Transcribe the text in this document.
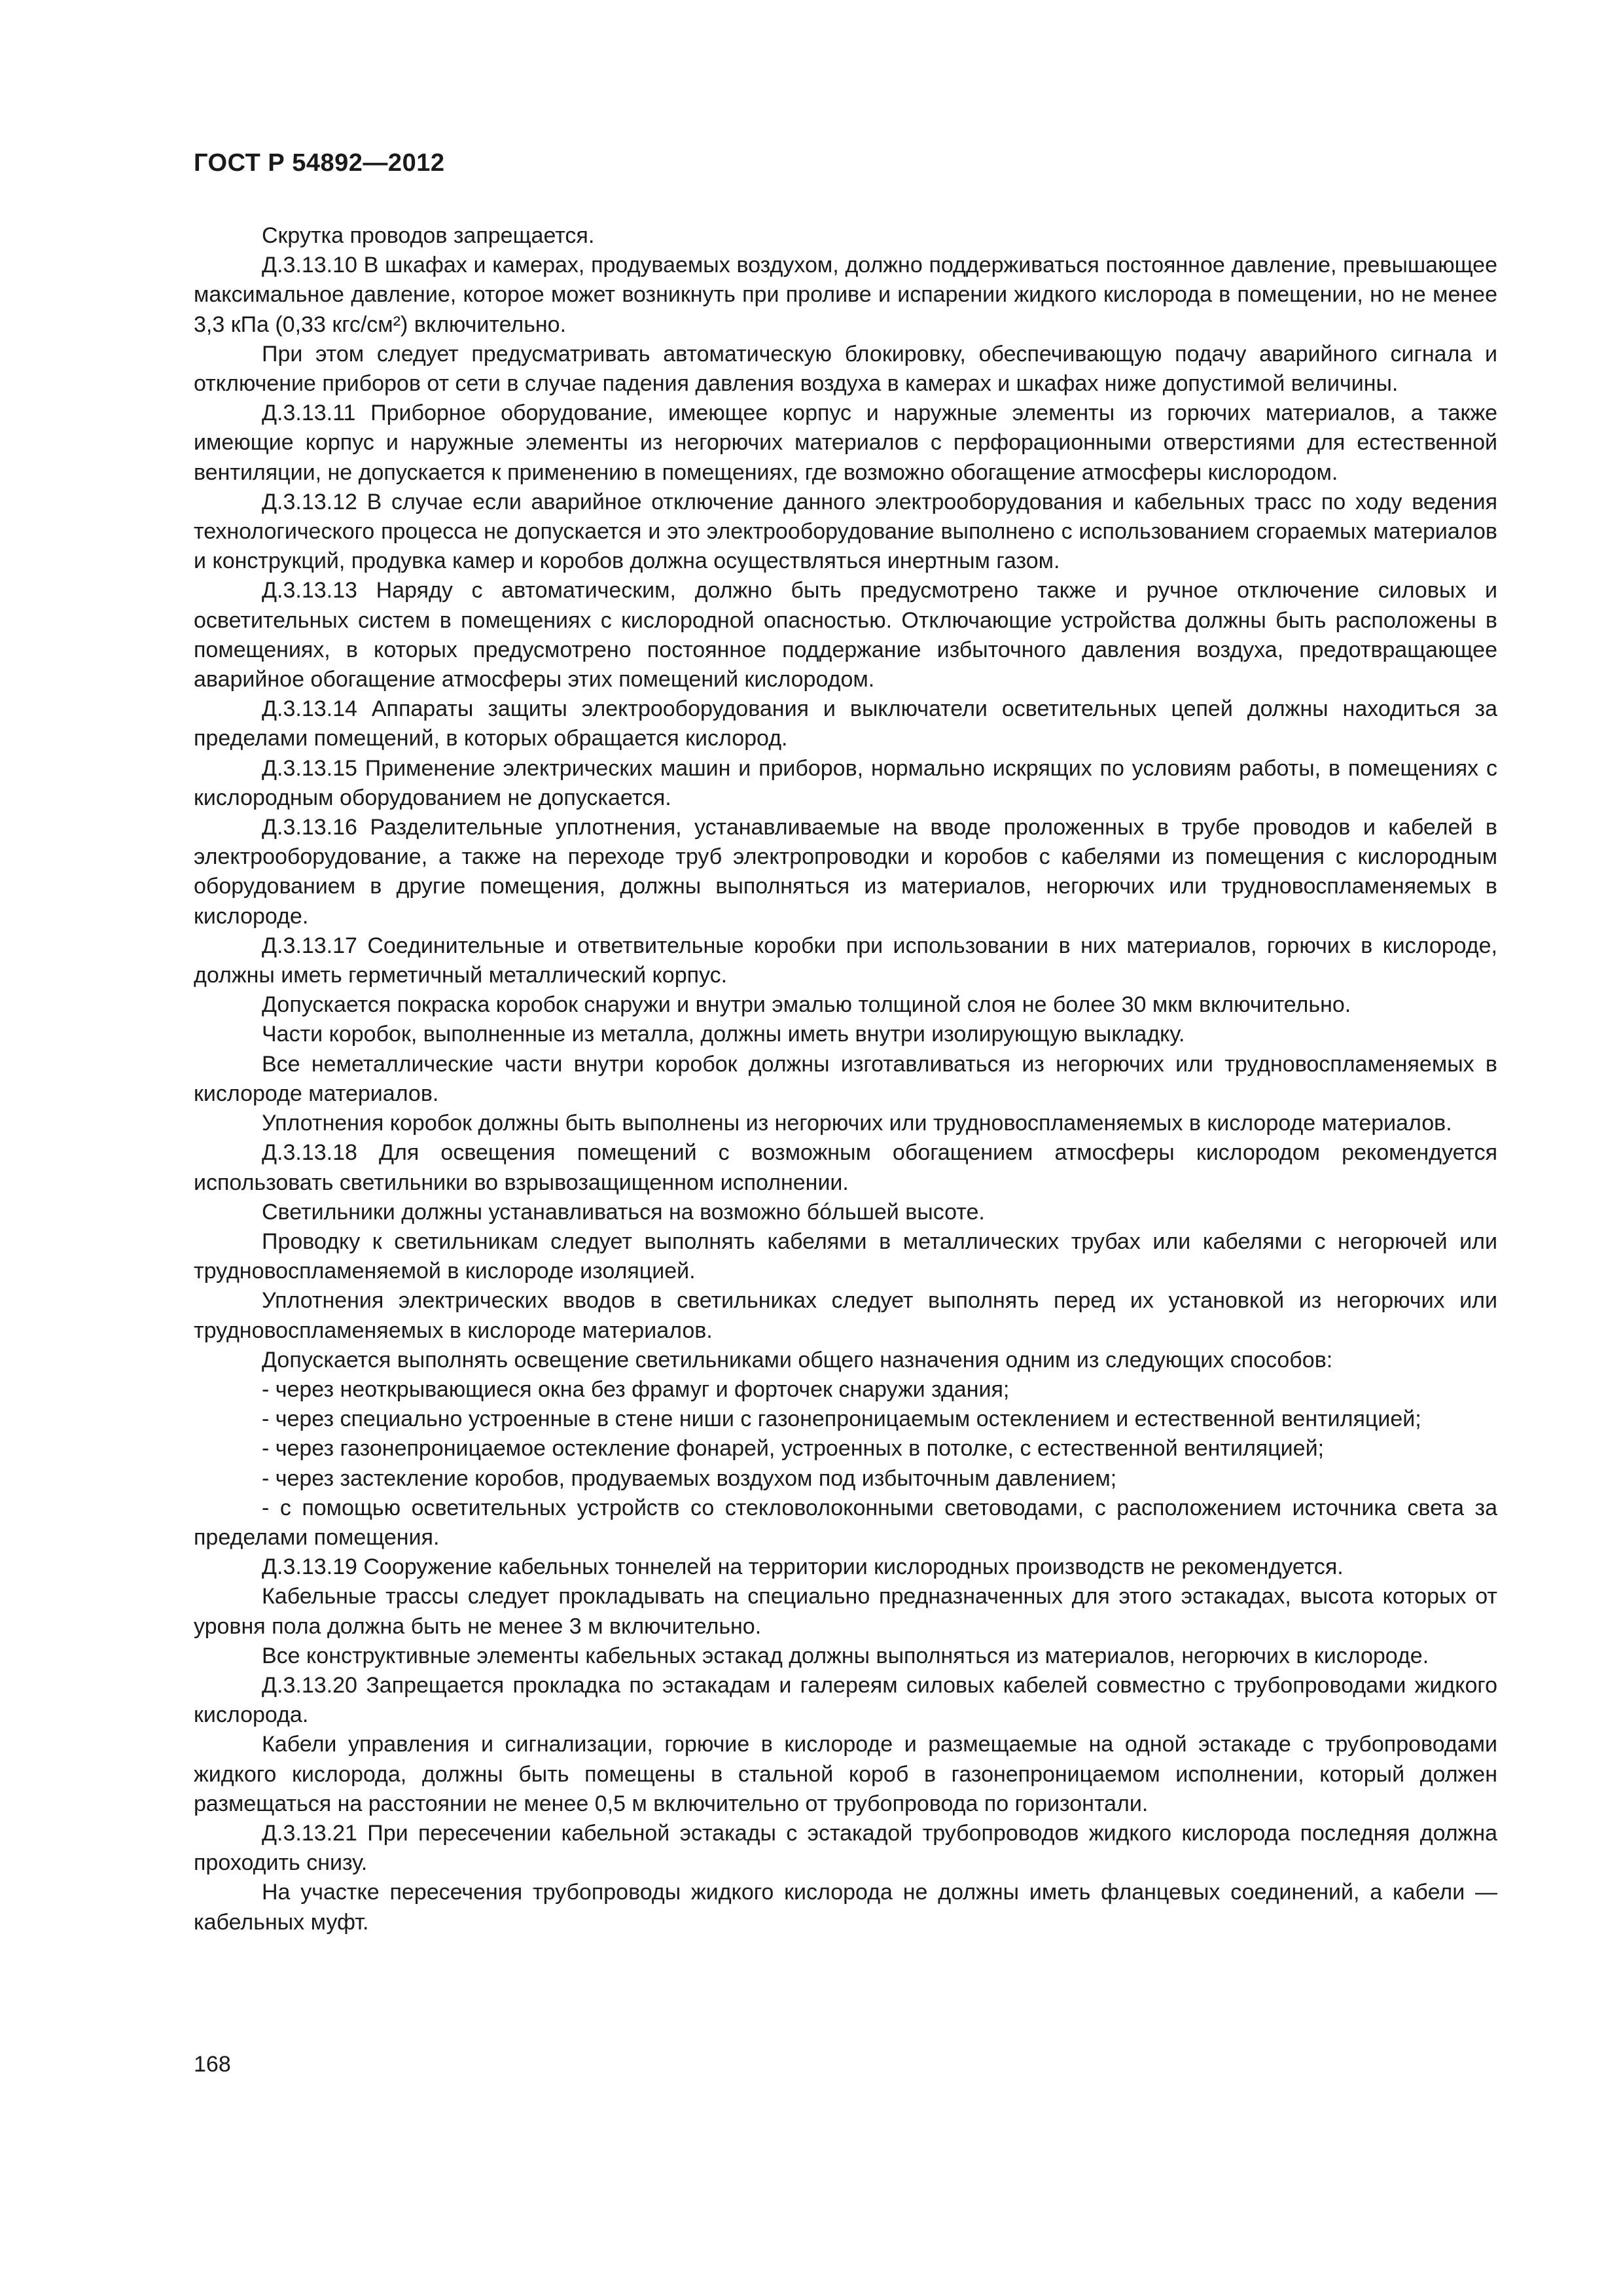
ГОСТ Р 54892—2012

Скрутка проводов запрещается.

Д.3.13.10 В шкафах и камерах, продуваемых воздухом, должно поддерживаться постоянное давление, превышающее максимальное давление, которое может возникнуть при проливе и испарении жидкого кислорода в помещении, но не менее 3,3 кПа (0,33 кгс/см²) включительно.

При этом следует предусматривать автоматическую блокировку, обеспечивающую подачу аварийного сигнала и отключение приборов от сети в случае падения давления воздуха в камерах и шкафах ниже допустимой величины.

Д.3.13.11 Приборное оборудование, имеющее корпус и наружные элементы из горючих материалов, а также имеющие корпус и наружные элементы из негорючих материалов с перфорационными отверстиями для естественной вентиляции, не допускается к применению в помещениях, где возможно обогащение атмосферы кислородом.

Д.3.13.12 В случае если аварийное отключение данного электрооборудования и кабельных трасс по ходу ведения технологического процесса не допускается и это электрооборудование выполнено с использованием сгораемых материалов и конструкций, продувка камер и коробов должна осуществляться инертным газом.

Д.3.13.13 Наряду с автоматическим, должно быть предусмотрено также и ручное отключение силовых и осветительных систем в помещениях с кислородной опасностью. Отключающие устройства должны быть расположены в помещениях, в которых предусмотрено постоянное поддержание избыточного давления воздуха, предотвращающее аварийное обогащение атмосферы этих помещений кислородом.

Д.3.13.14 Аппараты защиты электрооборудования и выключатели осветительных цепей должны находиться за пределами помещений, в которых обращается кислород.

Д.3.13.15 Применение электрических машин и приборов, нормально искрящих по условиям работы, в помещениях с кислородным оборудованием не допускается.

Д.3.13.16 Разделительные уплотнения, устанавливаемые на вводе проложенных в трубе проводов и кабелей в электрооборудование, а также на переходе труб электропроводки и коробов с кабелями из помещения с кислородным оборудованием в другие помещения, должны выполняться из материалов, негорючих или трудновоспламеняемых в кислороде.

Д.3.13.17 Соединительные и ответвительные коробки при использовании в них материалов, горючих в кислороде, должны иметь герметичный металлический корпус.

Допускается покраска коробок снаружи и внутри эмалью толщиной слоя не более 30 мкм включительно.

Части коробок, выполненные из металла, должны иметь внутри изолирующую выкладку.

Все неметаллические части внутри коробок должны изготавливаться из негорючих или трудновоспламеняемых в кислороде материалов.

Уплотнения коробок должны быть выполнены из негорючих или трудновоспламеняемых в кислороде материалов.

Д.3.13.18 Для освещения помещений с возможным обогащением атмосферы кислородом рекомендуется использовать светильники во взрывозащищенном исполнении.

Светильники должны устанавливаться на возможно бóльшей высоте.

Проводку к светильникам следует выполнять кабелями в металлических трубах или кабелями с негорючей или трудновоспламеняемой в кислороде изоляцией.

Уплотнения электрических вводов в светильниках следует выполнять перед их установкой из негорючих или трудновоспламеняемых в кислороде материалов.

Допускается выполнять освещение светильниками общего назначения одним из следующих способов:

- через неоткрывающиеся окна без фрамуг и форточек снаружи здания;

- через специально устроенные в стене ниши с газонепроницаемым остеклением и естественной вентиляцией;

- через газонепроницаемое остекление фонарей, устроенных в потолке, с естественной вентиляцией;

- через застекление коробов, продуваемых воздухом под избыточным давлением;

- с помощью осветительных устройств со стекловолоконными световодами, с расположением источника света за пределами помещения.

Д.3.13.19 Сооружение кабельных тоннелей на территории кислородных производств не рекомендуется.

Кабельные трассы следует прокладывать на специально предназначенных для этого эстакадах, высота которых от уровня пола должна быть не менее 3 м включительно.

Все конструктивные элементы кабельных эстакад должны выполняться из материалов, негорючих в кислороде.

Д.3.13.20 Запрещается прокладка по эстакадам и галереям силовых кабелей совместно с трубопроводами жидкого кислорода.

Кабели управления и сигнализации, горючие в кислороде и размещаемые на одной эстакаде с трубопроводами жидкого кислорода, должны быть помещены в стальной короб в газонепроницаемом исполнении, который должен размещаться на расстоянии не менее 0,5 м включительно от трубопровода по горизонтали.

Д.3.13.21 При пересечении кабельной эстакады с эстакадой трубопроводов жидкого кислорода последняя должна проходить снизу.

На участке пересечения трубопроводы жидкого кислорода не должны иметь фланцевых соединений, а кабели — кабельных муфт.

168
